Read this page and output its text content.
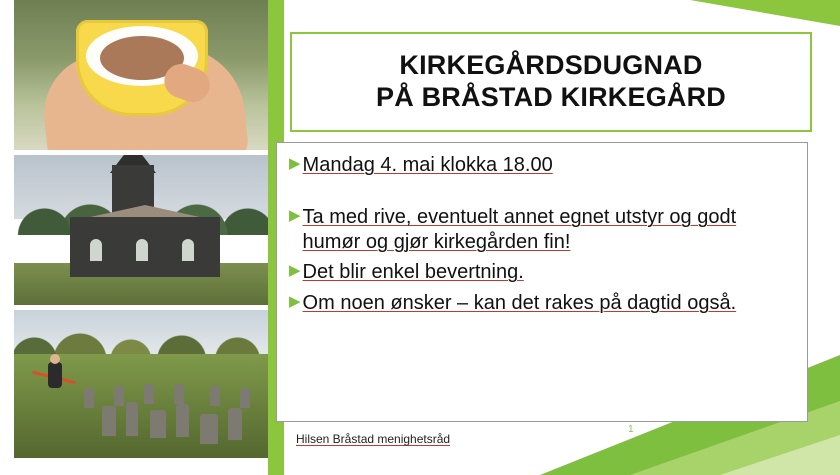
KIRKEGÅRDSDUGNAD
PÅ BRÅSTAD KIRKEGÅRD
▶ Mandag 4. mai klokka 18.00
▶ Ta med rive, eventuelt annet egnet utstyr og godt humør og gjør kirkegården fin!
▶ Det blir enkel bevertning.
▶ Om noen ønsker – kan det rakes på dagtid også.
Hilsen Bråstad menighetsråd
1
